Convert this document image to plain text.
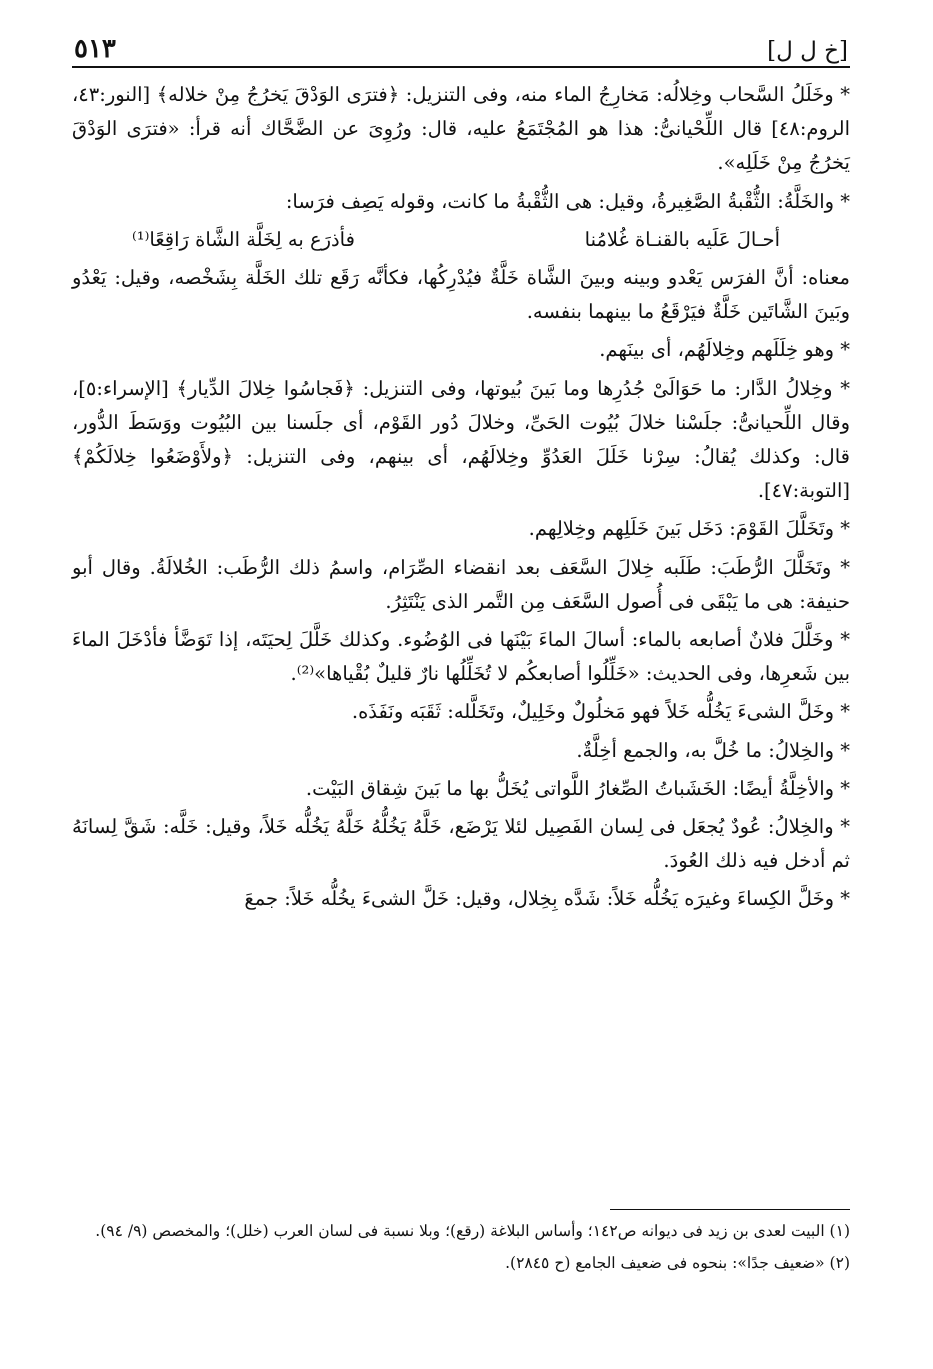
[خ ل ل]
٥١٣

* وخَلَلُ السَّحاب وخِلالُه: مَخارِجُ الماء منه، وفى التنزيل: ﴿فترَى الوَدْقَ يَخرُجُ مِنْ خلاله﴾ [النور:٤٣، الروم:٤٨] قال اللِّحْيانىُّ: هذا هو المُجْتَمَعُ عليه، قال: ورُوِىَ عن الضَّحَّاك أنه قرأ: «فترَى الوَدْقَ يَخرُجُ مِنْ خَلَلِه».

* والخَلَّةُ: الثُّقْبةُ الصَّغِيرةُ، وقيل: هى الثُّقْبةُ ما كانت، وقوله يَصِف فرَسا:

أحـالَ عَلَيه بالقنـاة غُلامُنا
فأذرَع به لِخَلَّة الشَّاة رَاقِعًا⁽¹⁾

معناه: أنَّ الفرَس يَعْدو وبينه وبينَ الشَّاة خَلَّةٌ فيُدْرِكُها، فكأنَّه رَقَع تلك الخَلَّة بِشَخْصه، وقيل: يَعْدُو وبَينَ الشَّاتَين خَلَّةٌ فيَرْقَعُ ما بينهما بنفسه.

* وهو خِلَلَهم وخِلالَهُم، أى بينَهم.

* وخِلالُ الدَّار: ما حَوَالَىْ جُدُرِها وما بَينَ بُيوتها، وفى التنزيل: ﴿فَجاسُوا خِلالَ الدِّيار﴾ [الإسراء:٥]، وقال اللِّحيانىُّ: جلَسْنا خلالَ بُيُوت الحَىِّ، وخلالَ دُور القَوْم، أى جلَسنا بين البُيُوت ووَسَطَ الدُّور، قال: وكذلك يُقالُ: سِرْنا خَلَلَ العَدُوِّ وخِلالَهُم، أى بينهم، وفى التنزيل: ﴿ولأَوْضَعُوا خِلالَكُمْ﴾ [التوبة:٤٧].

* وتَخَلَّلَ القَوْمَ: دَخَل بَينَ خَلَلِهم وخِلالِهم.

* وتَخَلَّلَ الرُّطَبَ: طَلَبه خِلالَ السَّعَف بعد انقضاء الصِّرَام، واسمُ ذلك الرُّطَب: الخُلالَةُ. وقال أبو حنيفة: هى ما يَبْقَى فى أُصول السَّعَف مِن التَّمر الذى يَنْتَثِرُ.

* وخَلَّلَ فلانٌ أصابعه بالماء: أسالَ الماءَ بَيْنَها فى الوُضُوء. وكذلك خَلَّلَ لِحيَتَه، إذا تَوَضَّأ فأدْخَلَ الماءَ بين شَعرِها، وفى الحديث: «خَلِّلُوا أصابعكُم لا تُخَلِّلُها نارٌ قليلٌ بُقْياها»⁽²⁾.

* وخَلَّ الشىءَ يَخُلُّه خَلاً فهو مَخلُولٌ وخَلِيلٌ، وتَخَلَّله: ثَقَبَه ونَفَذَه.

* والخِلالُ: ما خُلَّ به، والجمع أخِلَّةٌ.

* والأخِلَّةُ أيضًا: الخَشَباتُ الصِّغارُ اللَّواتى يُخَلُّ بها ما بَينَ شِقاق البَيْت.

* والخِلالُ: عُودٌ يُجعَل فى لِسان الفَصِيل لئلا يَرْضَع، خَلَّهُ يَخُلُّهُ خَلَّهُ يَخُلُّه خَلاً، وقيل: خَلَّه: شَقَّ لِسانَهُ ثم أدخل فيه ذلك العُودَ.

* وخَلَّ الكِساءَ وغيرَه يَخُلُّه خَلاً: شَدَّه بِخِلال، وقيل: خَلَّ الشىءَ يخُلُّه خَلاً: جمعَ

(١) البيت لعدى بن زيد فى ديوانه ص١٤٢؛ وأساس البلاغة (رقع)؛ وبلا نسبة فى لسان العرب (خلل)؛ والمخصص (٩/ ٩٤).

(٢) «ضعيف جدًا»: بنحوه فى ضعيف الجامع (ح ٢٨٤٥).
